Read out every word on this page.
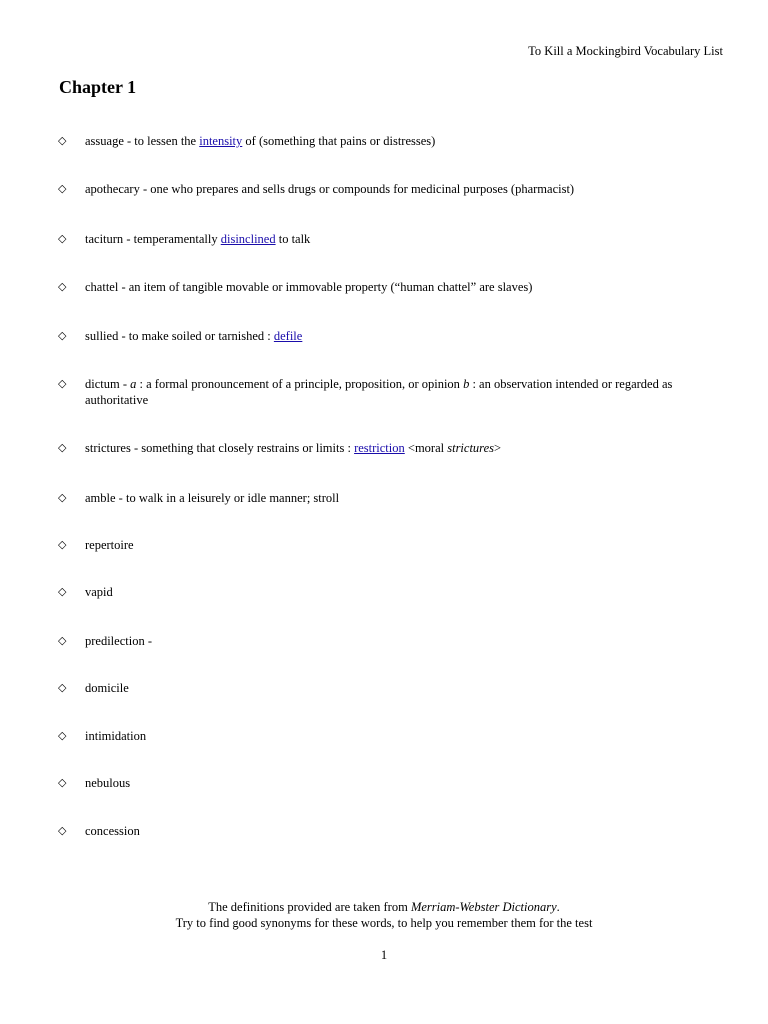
To Kill a Mockingbird Vocabulary List
Chapter 1
◇	assuage - to lessen the intensity of (something that pains or distresses)
◇	apothecary - one who prepares and sells drugs or compounds for medicinal purposes (pharmacist)
◇	taciturn - temperamentally disinclined to talk
◇	chattel - an item of tangible movable or immovable property (“human chattel” are slaves)
◇	sullied - to make soiled or tarnished : defile
◇	dictum - a : a formal pronouncement of a principle, proposition, or opinion b : an observation intended or regarded as authoritative
◇	strictures - something that closely restrains or limits : restriction <moral strictures>
◇	amble - to walk in a leisurely or idle manner; stroll
◇	repertoire
◇	vapid
◇	predilection -
◇	domicile
◇	intimidation
◇	nebulous
◇	concession
The definitions provided are taken from Merriam-Webster Dictionary.
Try to find good synonyms for these words, to help you remember them for the test
1
